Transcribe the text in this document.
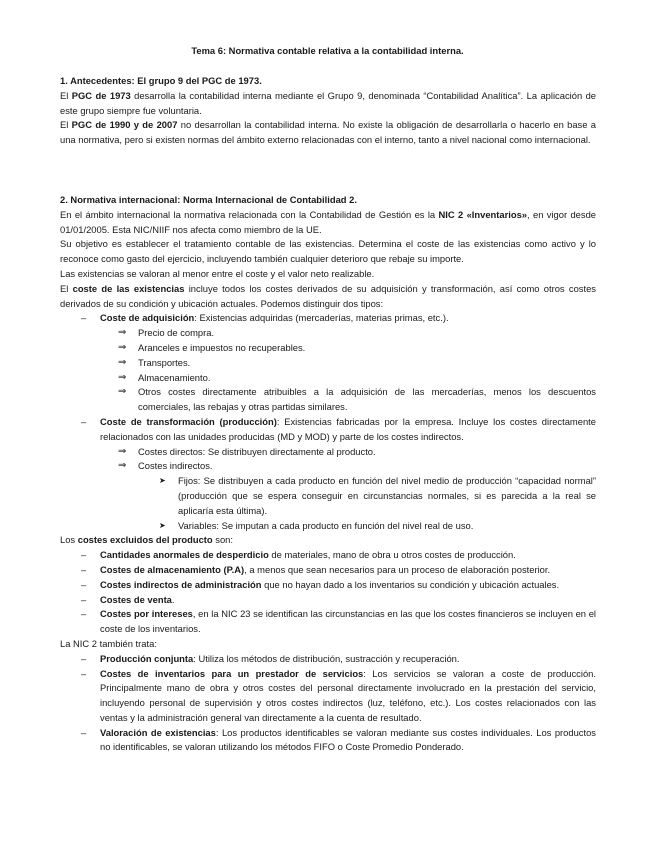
Tema 6: Normativa contable relativa a la contabilidad interna.
1. Antecedentes: El grupo 9 del PGC de 1973.

El PGC de 1973 desarrolla la contabilidad interna mediante el Grupo 9, denominada “Contabilidad Analítica”. La aplicación de este grupo siempre fue voluntaria.

El PGC de 1990 y de 2007 no desarrollan la contabilidad interna. No existe la obligación de desarrollarla o hacerlo en base a una normativa, pero si existen normas del ámbito externo relacionadas con el interno, tanto a nivel nacional como internacional.

2. Normativa internacional: Norma Internacional de Contabilidad 2.

En el ámbito internacional la normativa relacionada con la Contabilidad de Gestión es la NIC 2 «Inventarios», en vigor desde 01/01/2005. Esta NIC/NIIF nos afecta como miembro de la UE.

Su objetivo es establecer el tratamiento contable de las existencias. Determina el coste de las existencias como activo y lo reconoce como gasto del ejercicio, incluyendo también cualquier deterioro que rebaje su importe.

Las existencias se valoran al menor entre el coste y el valor neto realizable.

El coste de las existencias incluye todos los costes derivados de su adquisición y transformación, así como otros costes derivados de su condición y ubicación actuales. Podemos distinguir dos tipos:

– Coste de adquisición: Existencias adquiridas (mercaderías, materias primas, etc.).
⇒ Precio de compra.
⇒ Aranceles e impuestos no recuperables.
⇒ Transportes.
⇒ Almacenamiento.
⇒ Otros costes directamente atribuibles a la adquisición de las mercaderías, menos los descuentos comerciales, las rebajas y otras partidas similares.
– Coste de transformación (producción): Existencias fabricadas por la empresa. Incluye los costes directamente relacionados con las unidades producidas (MD y MOD) y parte de los costes indirectos.
⇒ Costes directos: Se distribuyen directamente al producto.
⇒ Costes indirectos.
➤ Fijos: Se distribuyen a cada producto en función del nivel medio de producción “capacidad normal” (producción que se espera conseguir en circunstancias normales, si es parecida a la real se aplicaría esta última).
➤ Variables: Se imputan a cada producto en función del nivel real de uso.

Los costes excluidos del producto son:

– Cantidades anormales de desperdicio de materiales, mano de obra u otros costes de producción.
– Costes de almacenamiento (P.A), a menos que sean necesarios para un proceso de elaboración posterior.
– Costes indirectos de administración que no hayan dado a los inventarios su condición y ubicación actuales.
– Costes de venta.
– Costes por intereses, en la NIC 23 se identifican las circunstancias en las que los costes financieros se incluyen en el coste de los inventarios.

La NIC 2 también trata:

– Producción conjunta: Utiliza los métodos de distribución, sustracción y recuperación.
– Costes de inventarios para un prestador de servicios: Los servicios se valoran a coste de producción. Principalmente mano de obra y otros costes del personal directamente involucrado en la prestación del servicio, incluyendo personal de supervisión y otros costes indirectos (luz, teléfono, etc.). Los costes relacionados con las ventas y la administración general van directamente a la cuenta de resultado.
– Valoración de existencias: Los productos identificables se valoran mediante sus costes individuales. Los productos no identificables, se valoran utilizando los métodos FIFO o Coste Promedio Ponderado.
